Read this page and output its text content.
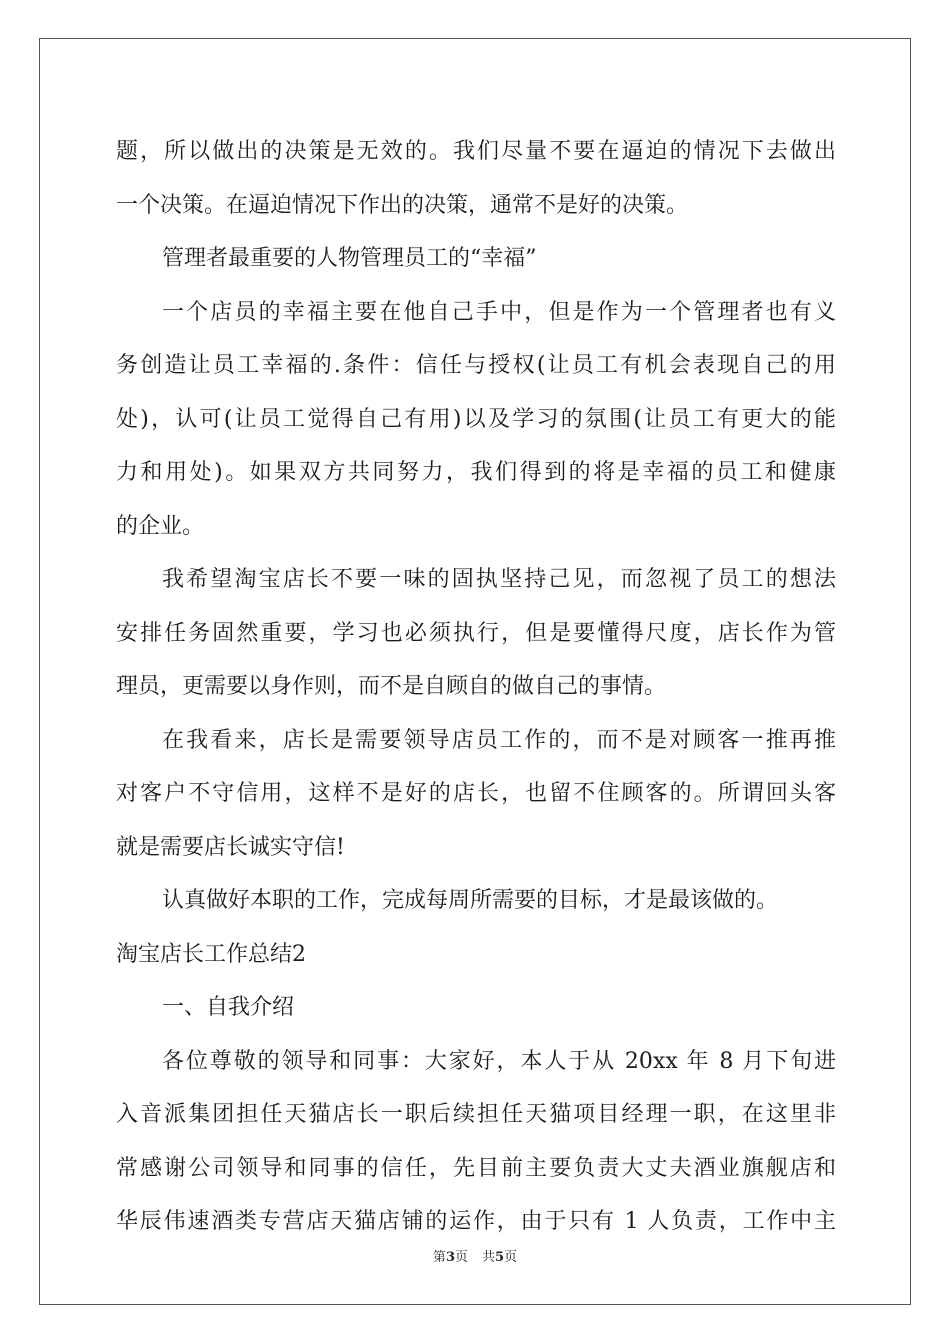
题，所以做出的决策是无效的。我们尽量不要在逼迫的情况下去做出
一个决策。在逼迫情况下作出的决策，通常不是好的决策。
管理者最重要的人物管理员工的“幸福”
一个店员的幸福主要在他自己手中，但是作为一个管理者也有义
务创造让员工幸福的.条件：信任与授权(让员工有机会表现自己的用
处)，认可(让员工觉得自己有用)以及学习的氛围(让员工有更大的能
力和用处)。如果双方共同努力，我们得到的将是幸福的员工和健康
的企业。
我希望淘宝店长不要一味的固执坚持己见，而忽视了员工的想法
安排任务固然重要，学习也必须执行，但是要懂得尺度，店长作为管
理员，更需要以身作则，而不是自顾自的做自己的事情。
在我看来，店长是需要领导店员工作的，而不是对顾客一推再推
对客户不守信用，这样不是好的店长，也留不住顾客的。所谓回头客
就是需要店长诚实守信!
认真做好本职的工作，完成每周所需要的目标，才是最该做的。
淘宝店长工作总结2
一、自我介绍
各位尊敬的领导和同事：大家好，本人于从 20xx 年 8 月下旬进
入音派集团担任天猫店长一职后续担任天猫项目经理一职，在这里非
常感谢公司领导和同事的信任，先目前主要负责大丈夫酒业旗舰店和
华辰伟速酒类专营店天猫店铺的运作，由于只有 1 人负责，工作中主
第3页 共5页
